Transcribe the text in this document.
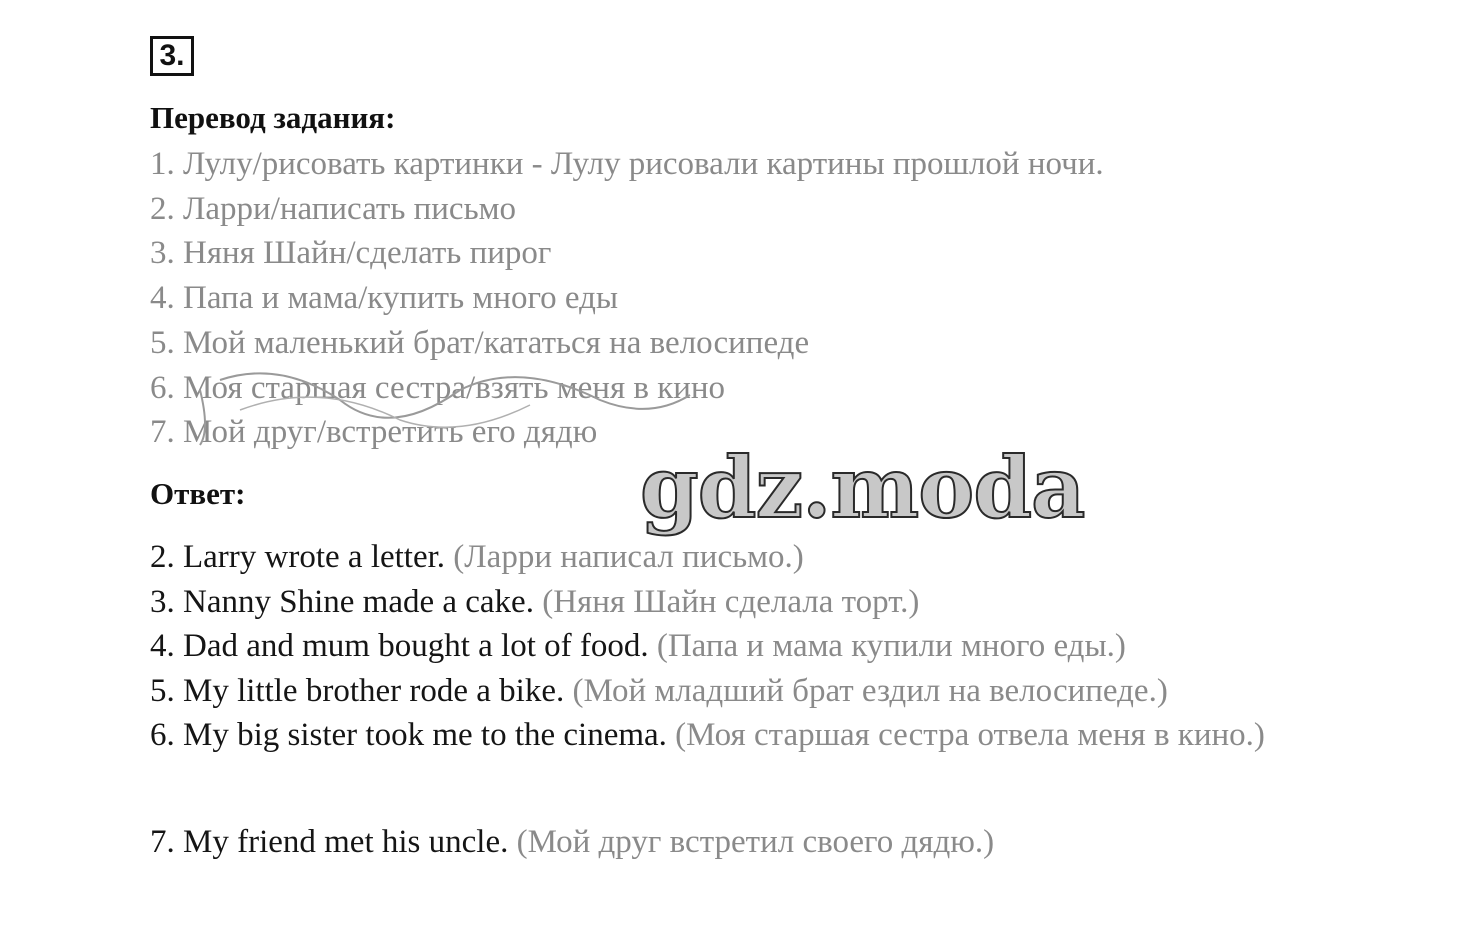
3.
Перевод задания:
1. Лулу/рисовать картинки - Лулу рисовали картины прошлой ночи.
2. Ларри/написать письмо
3. Няня Шайн/сделать пирог
4. Папа и мама/купить много еды
5. Мой маленький брат/кататься на велосипеде
6. Моя старшая сестра/взять меня в кино
7. Мой друг/встретить его дядю
gdz.moda
Ответ:
2. Larry wrote a letter. (Ларри написал письмо.)
3. Nanny Shine made a cake. (Няня Шайн сделала торт.)
4. Dad and mum bought a lot of food. (Папа и мама купили много еды.)
5. My little brother rode a bike. (Мой младший брат ездил на велосипеде.)
6. My big sister took me to the cinema. (Моя старшая сестра отвела меня в кино.)
7. My friend met his uncle. (Мой друг встретил своего дядю.)
